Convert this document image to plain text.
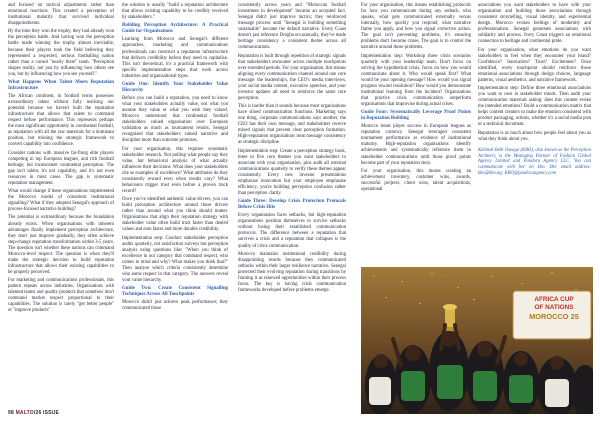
and focused on tactical adjustments rather than emotional reactions. This created a perception of institutional maturity that survived individual disappointments.

By the time they won the trophy, they had already won the perception battle. And having won the perception battle made winning the trophy almost inevitable, because their players took the field believing they represented a respected, serious footballing nation rather than a cursed "nearly there" team. "Perception shapes reality, not just by influencing how others see you, but by influencing how you see yourself."

What Happens When Talent Meets Reputation Infrastructure

The African continent, in football terms possesses extraordinary talent without fully realising our potential because we haven't built the reputation infrastructure that allows that talent to command respect before performance. This represents perhaps the most significant opportunity in continental football, as reputation with all the raw materials for a dominant position, but missing the strategic framework to convert capability into confidence.

Consider nations with massive far-flung elite players competing in top European leagues, and rich football heritage, but inconsistent continental perception. The gap isn't talent, it's not capability, and it's not even resources in most cases. The gap is systematic reputation management.

What would change if these organisations implemented the Morocco model of consistent institutional signalling? What if they adopted Senegal's approach of process-focused narrative building?

The potential is extraordinary because the foundation already exists. When organisations with inherent advantages finally implement perception architecture, they don't just improve gradually, they often achieve step-change reputation transformation within 3-5 years. The question isn't whether these nations can command Morocco-level respect. The question is when they'll make the strategic decision to build reputation infrastructure that allows their existing capabilities to be properly perceived.

For marketing and communications professionals, this pattern repeats across industries. Organisations with talented teams and quality products that somehow don't command market respect proportional to their capabilities. The solution is rarely "get better people" or "improve products"

the solution is usually "build a reputation architecture that allows existing capability to be credibly received by stakeholders."

Building Perception Architecture: A Practical Guide for Organisations

Learning from Morocco and Senegal's different approaches, marketing and communications professionals can construct a reputation infrastructure that delivers credibility before they need to capitalise. This isn't theoretical, it's a practical framework with specific implementation steps that work across industries and organisational types.

Guide One: Identify Your Stakeholder Value Hierarchy

Before you can build a reputation, you need to know what your stakeholders actually value, not what you assume they value or what you wish they valued. Morocco understood that continental football stakeholders valued organisation over European validation as much as tournament results. Senegal recognised that stakeholders valued narrative and discipline more than outcome promises.

For your organisation, this requires systematic stakeholder research. Not polling what people say they value, but behavioral analysis of what actually influences their decisions. What does your stakeholders cite as examples of excellence? What attributes do they consistently reward even when results vary? What behaviours trigger trust even before a proven track record?

Once you've identified authentic value drivers, you can build perception architecture around those drivers rather than around what you think should matter. Organisations that align their reputation strategy with stakeholder value often build trust faster than denied values and earn faster and more durable credibility.

Implementation step: Conduct stakeholder perception audits quarterly, not satisfaction surveys but perception analysis using questions like: "When you think of excellence in our category that command respect, who comes to mind and why? What makes you think that?" Then analyse which criteria consistently determine who earns respect in that category. The answers reveal your value hierarchy.

Guide Two: Create Consistent Signalling Techniques Across All Touchpoints

Morocco didn't just achieve peak performance; they communicated those

consistently across years and "Moroccan football investment in development" became an accepted fact. Senegal didn't just improve tactics; they reinforced message process until "Senegal is building something sustainable" became the default narrative. Every Coast doesn't just reference Drogba occasionally, they've made heritage consistency a consistent theme across all communications.

Reputation is built through repetition of strategic signals that stakeholders encounter across multiple touchpoints over extended periods. For your organisation, this means aligning every communication channel around one core message: the leadership's, the CEO's media interviews, your social media content, executive speeches, and your investor updates all need to reinforce the same core perception.

This is harder than it sounds because most organisations have siloed communication functions. Marketing says one thing, corporate communications says another, the CEO has their own message, and stakeholders receive mixed signals that prevent clear perception formation. High-reputation organisations treat message consistency as strategic discipline.

Implementation step: Create a perception strategy book, three to five core themes you want stakeholders to associate with your organisation, plus audit all external communications quarterly to verify these themes appear consistently. Every new investor presentations emphasise innovation but your employee emphasise efficiency, you're building perception confusion rather than perception clarity.

Guide Three: Develop Crisis Protection Protocols Before Crisis Hits

Every organisation faces setbacks, but high-reputation organisations position themselves to survive setbacks without losing their established communication protocols. The difference between a reputation that survives a crisis and a reputation that collapses is the quality of crisis communication.

Morocco maintains institutional credibility during disappointing results because they communicated setbacks within their larger resilience narrative. Senegal protected their evolving reputation during transitions by framing it as renewed opportunities within their process focus. The key is having crisis communication frameworks developed before problems emerge.

For your organisation, this means establishing protocols for how you communicate during any setback, who speaks, what gets communicated externally versus internally, how quickly you respond, what narrative frame you apply, and how you signal corrective action. The goal isn't preventing problems, it's ensuring problems don't become crises. The goal is to control the narrative around those problems.

Implementation step: Workshop three crisis scenarios quarterly with your leadership team. Don't focus on solving the hypothetical crisis, focus on how you would communicate about it. Who would speak first? What would be your opening message? How would you signal progress toward resolution? How would you demonstrate institutional learning from the incident? Organisations that practice crisis communication outperform organisations that improvise during actual crises.

Guide Four: Systematically Leverage Proof Points in Reputation Building

Morocco treats player success in European leagues as reputation currency. Senegal leveraged consistent tournament performance as evidence of institutional maturity. High-reputation organisations identify achievements and systematically reference them in stakeholder communications until those proof points become part of your reputation story.

For your organisation, this means creating an achievement inventory, customer wins, awards, successful projects, client wins, talent acquisitions, operational

associations you want stakeholders to have with your organisation and building those associations through consistent storytelling, visual identity, and experiential design. Morocco evokes feelings of modernity and professionalism. Senegal generates associations with solidarity and process. Ivory Coast triggers an emotional connection to heritage and continental pride.

For your organisation, what emotions do you want stakeholders to feel when they encounter your brand? Confidence? Innovation? Trust? Excitement? Once identified, every touchpoint should reinforce those emotional associations through design choices, language patterns, visual aesthetics, and narrative framework.

Implementation step: Define three emotional associations you want to own in stakeholder minds. Then audit your communication materials asking: does this content evoke the intended emotions? Build a communication matrix that helps content creators to make the emotion consistent with product packaging, actions, whether it's a social media post or a technical document.

Reputation is as much about how people feel about you as what they think about you.

Kehinde Beth Oseaga (KBO), also known as the Perception Architect, is the Managing Partner of Fashion Global Agency Limited and Pandora Agency LLC. You can communicate with her on kbo. Her email address: kbo@kbo.ng; KBO@pandoraagency.com
AFRICA CUP
OF NATIONS
MOROCCO 25
98 MALTO/26 ISSUE
